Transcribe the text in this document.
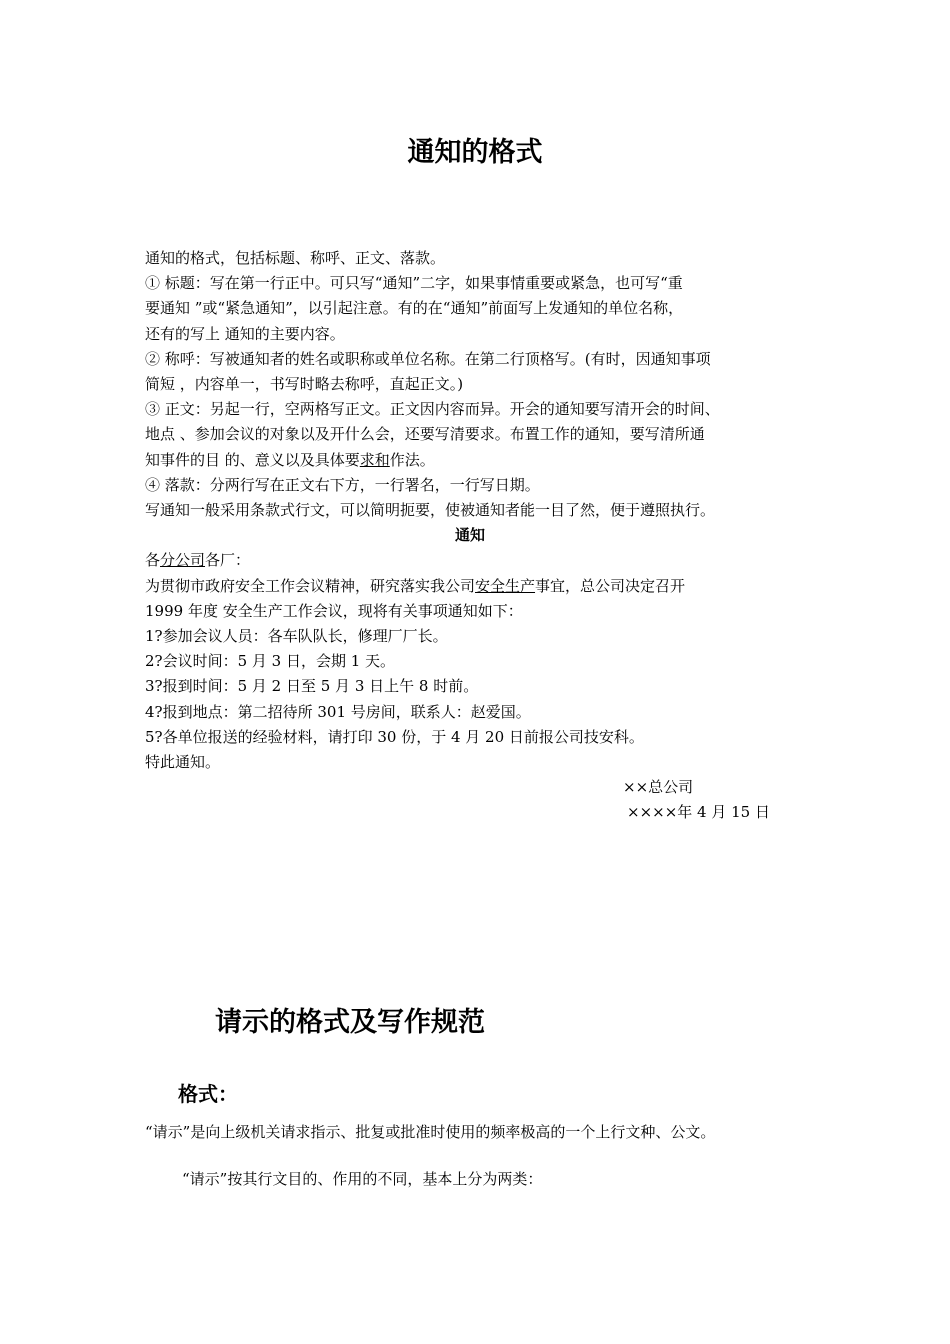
通知的格式

通知的格式，包括标题、称呼、正文、落款。

① 标题：写在第一行正中。可只写“通知”二字，如果事情重要或紧急，也可写“重

要通知 ”或“紧急通知”，以引起注意。有的在“通知”前面写上发通知的单位名称，

还有的写上 通知的主要内容。

② 称呼：写被通知者的姓名或职称或单位名称。在第二行顶格写。(有时，因通知事项

简短 ，内容单一，书写时略去称呼，直起正文。)

③ 正文：另起一行，空两格写正文。正文因内容而异。开会的通知要写清开会的时间、

地点 、参加会议的对象以及开什么会，还要写清要求。布置工作的通知，要写清所通

知事件的目 的、意义以及具体要求和作法。

④ 落款：分两行写在正文右下方，一行署名，一行写日期。

写通知一般采用条款式行文，可以简明扼要，使被通知者能一目了然，便于遵照执行。

通知

各分公司各厂：

为贯彻市政府安全工作会议精神，研究落实我公司安全生产事宜，总公司决定召开

1999 年度 安全生产工作会议，现将有关事项通知如下：

1?参加会议人员：各车队队长，修理厂厂长。

2?会议时间：5 月 3 日，会期 1 天。

3?报到时间：5 月 2 日至 5 月 3 日上午 8 时前。

4?报到地点：第二招待所 301 号房间，联系人：赵爱国。

5?各单位报送的经验材料，请打印 30 份，于 4 月 20 日前报公司技安科。

特此通知。

××总公司

××××年 4 月 15 日

请示的格式及写作规范
格式：
“请示”是向上级机关请求指示、批复或批准时使用的频率极高的一个上行文种、公文。
“请示”按其行文目的、作用的不同，基本上分为两类：
